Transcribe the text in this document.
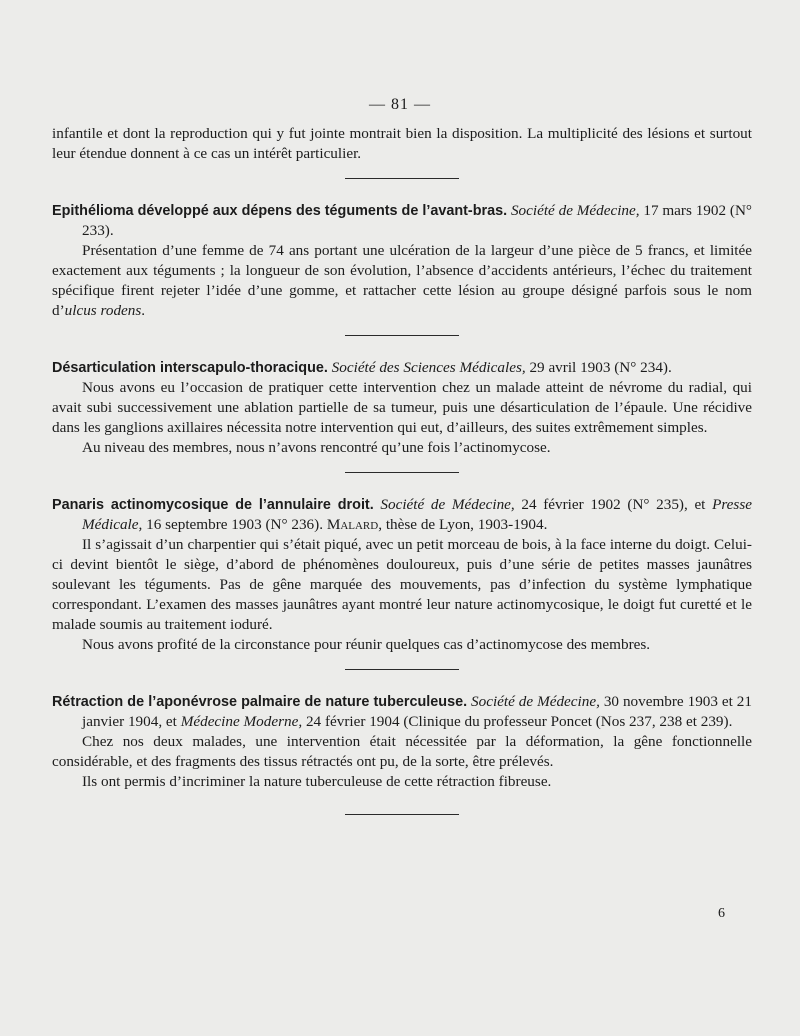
— 81 —

infantile et dont la reproduction qui y fut jointe montrait bien la disposition. La multiplicité des lésions et surtout leur étendue donnent à ce cas un intérêt particulier.

Epithélioma développé aux dépens des téguments de l’avant-bras. Société de Médecine, 17 mars 1902 (N° 233).

Présentation d’une femme de 74 ans portant une ulcération de la largeur d’une pièce de 5 francs, et limitée exactement aux téguments ; la longueur de son évolution, l’absence d’accidents antérieurs, l’échec du traitement spécifique firent rejeter l’idée d’une gomme, et rattacher cette lésion au groupe désigné parfois sous le nom d’ulcus rodens.

Désarticulation interscapulo-thoracique. Société des Sciences Médicales, 29 avril 1903 (N° 234).

Nous avons eu l’occasion de pratiquer cette intervention chez un malade atteint de névrome du radial, qui avait subi successivement une ablation partielle de sa tumeur, puis une désarticulation de l’épaule. Une récidive dans les ganglions axillaires nécessita notre intervention qui eut, d’ailleurs, des suites extrêmement simples.

Au niveau des membres, nous n’avons rencontré qu’une fois l’actinomycose.

Panaris actinomycosique de l’annulaire droit. Société de Médecine, 24 février 1902 (N° 235), et Presse Médicale, 16 septembre 1903 (N° 236). Malard, thèse de Lyon, 1903-1904.

Il s’agissait d’un charpentier qui s’était piqué, avec un petit morceau de bois, à la face interne du doigt. Celui-ci devint bientôt le siège, d’abord de phénomènes douloureux, puis d’une série de petites masses jaunâtres soulevant les téguments. Pas de gêne marquée des mouvements, pas d’infection du système lymphatique correspondant. L’examen des masses jaunâtres ayant montré leur nature actinomycosique, le doigt fut curetté et le malade soumis au traitement ioduré.

Nous avons profité de la circonstance pour réunir quelques cas d’actinomycose des membres.

Rétraction de l’aponévrose palmaire de nature tuberculeuse. Société de Médecine, 30 novembre 1903 et 21 janvier 1904, et Médecine Moderne, 24 février 1904 (Clinique du professeur Poncet (Nos 237, 238 et 239).

Chez nos deux malades, une intervention était nécessitée par la déformation, la gêne fonctionnelle considérable, et des fragments des tissus rétractés ont pu, de la sorte, être prélevés.

Ils ont permis d’incriminer la nature tuberculeuse de cette rétraction fibreuse.

6
